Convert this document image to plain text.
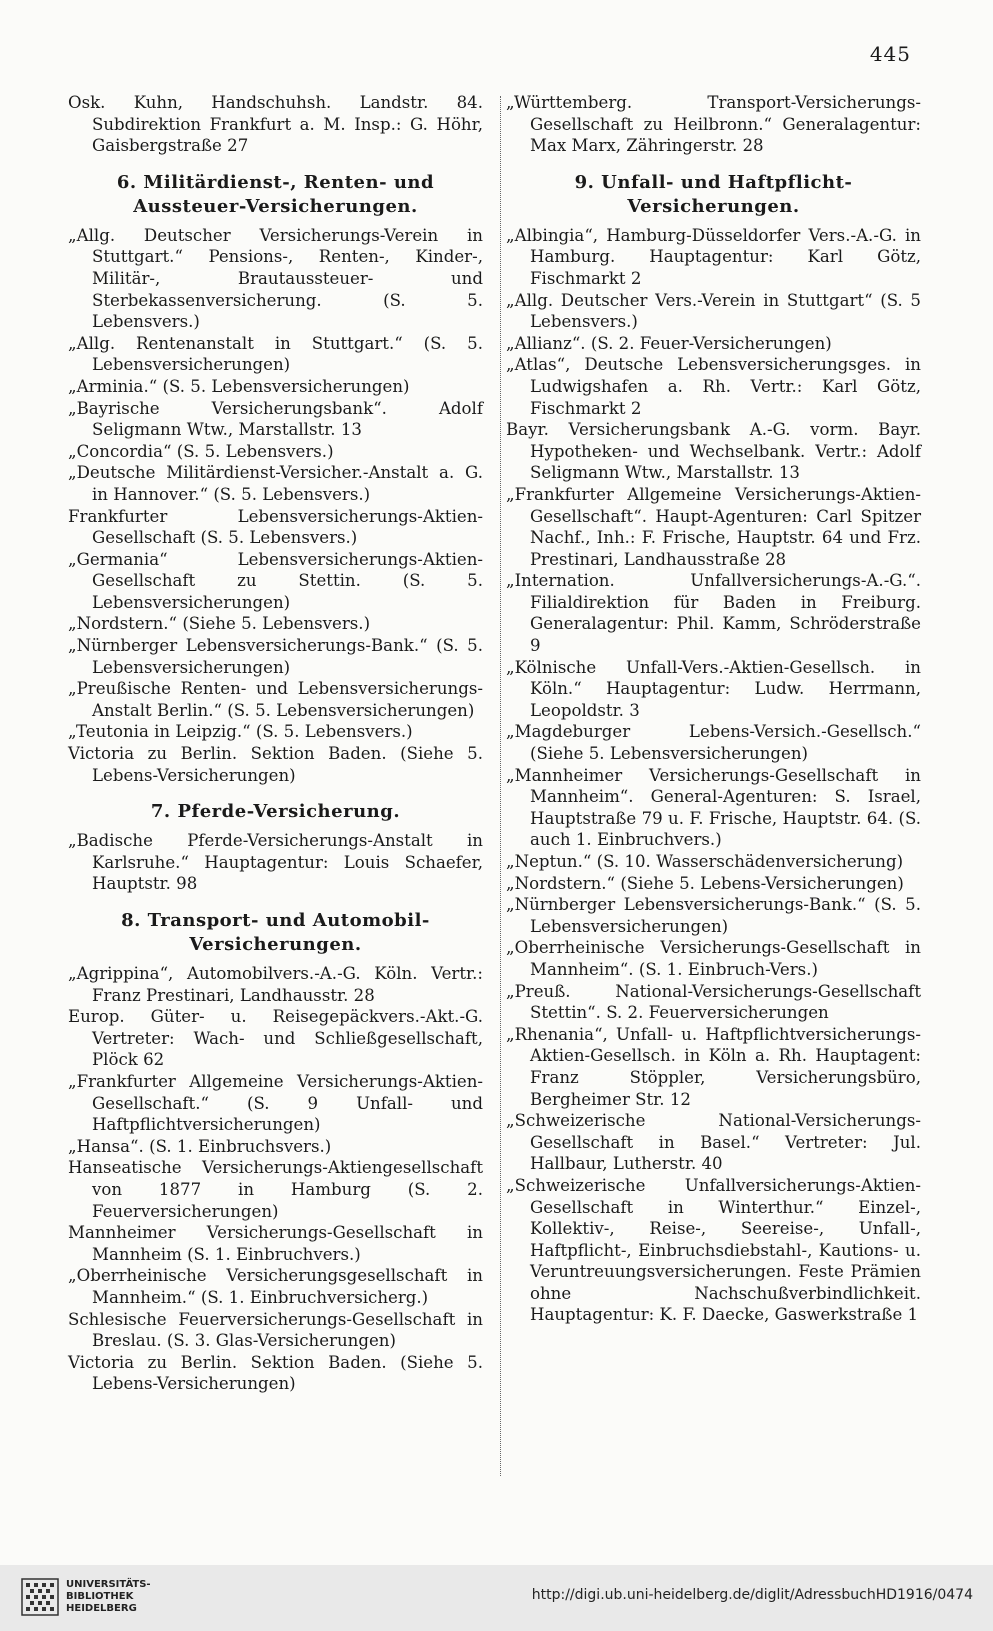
445
Osk. Kuhn, Handschuhsh. Landstr. 84. Subdirektion Frankfurt a. M. Insp.: G. Höhr, Gaisbergstraße 27
6. Militärdienst-, Renten- und Aussteuer-Versicherungen.
„Allg. Deutscher Versicherungs-Verein in Stuttgart.“ Pensions-, Renten-, Kinder-, Militär-, Brautaussteuer- und Sterbekassenversicherung. (S. 5. Lebensvers.)
„Allg. Rentenanstalt in Stuttgart.“ (S. 5. Lebensversicherungen)
„Arminia.“ (S. 5. Lebensversicherungen)
„Bayrische Versicherungsbank“. Adolf Seligmann Wtw., Marstallstr. 13
„Concordia“ (S. 5. Lebensvers.)
„Deutsche Militärdienst-Versicher.-Anstalt a. G. in Hannover.“ (S. 5. Lebensvers.)
Frankfurter Lebensversicherungs-Aktien-Gesellschaft (S. 5. Lebensvers.)
„Germania“ Lebensversicherungs-Aktien-Gesellschaft zu Stettin. (S. 5. Lebensversicherungen)
„Nordstern.“ (Siehe 5. Lebensvers.)
„Nürnberger Lebensversicherungs-Bank.“ (S. 5. Lebensversicherungen)
„Preußische Renten- und Lebensversicherungs-Anstalt Berlin.“ (S. 5. Lebensversicherungen)
„Teutonia in Leipzig.“ (S. 5. Lebensvers.)
Victoria zu Berlin. Sektion Baden. (Siehe 5. Lebens-Versicherungen)
7. Pferde-Versicherung.
„Badische Pferde-Versicherungs-Anstalt in Karlsruhe.“ Hauptagentur: Louis Schaefer, Hauptstr. 98
8. Transport- und Automobil-Versicherungen.
„Agrippina“, Automobilvers.-A.-G. Köln. Vertr.: Franz Prestinari, Landhausstr. 28
Europ. Güter- u. Reisegepäckvers.-Akt.-G. Vertreter: Wach- und Schließgesellschaft, Plöck 62
„Frankfurter Allgemeine Versicherungs-Aktien-Gesellschaft.“ (S. 9 Unfall- und Haftpflichtversicherungen)
„Hansa“. (S. 1. Einbruchsvers.)
Hanseatische Versicherungs-Aktiengesellschaft von 1877 in Hamburg (S. 2. Feuerversicherungen)
Mannheimer Versicherungs-Gesellschaft in Mannheim (S. 1. Einbruchvers.)
„Oberrheinische Versicherungsgesellschaft in Mannheim.“ (S. 1. Einbruchversicherg.)
Schlesische Feuerversicherungs-Gesellschaft in Breslau. (S. 3. Glas-Versicherungen)
Victoria zu Berlin. Sektion Baden. (Siehe 5. Lebens-Versicherungen)
„Württemberg. Transport-Versicherungs-Gesellschaft zu Heilbronn.“ Generalagentur: Max Marx, Zähringerstr. 28
9. Unfall- und Haftpflicht-Versicherungen.
„Albingia“, Hamburg-Düsseldorfer Vers.-A.-G. in Hamburg. Hauptagentur: Karl Götz, Fischmarkt 2
„Allg. Deutscher Vers.-Verein in Stuttgart“ (S. 5 Lebensvers.)
„Allianz“. (S. 2. Feuer-Versicherungen)
„Atlas“, Deutsche Lebensversicherungsges. in Ludwigshafen a. Rh. Vertr.: Karl Götz, Fischmarkt 2
Bayr. Versicherungsbank A.-G. vorm. Bayr. Hypotheken- und Wechselbank. Vertr.: Adolf Seligmann Wtw., Marstallstr. 13
„Frankfurter Allgemeine Versicherungs-Aktien-Gesellschaft“. Haupt-Agenturen: Carl Spitzer Nachf., Inh.: F. Frische, Hauptstr. 64 und Frz. Prestinari, Landhausstraße 28
„Internation. Unfallversicherungs-A.-G.“. Filialdirektion für Baden in Freiburg. Generalagentur: Phil. Kamm, Schröderstraße 9
„Kölnische Unfall-Vers.-Aktien-Gesellsch. in Köln.“ Hauptagentur: Ludw. Herrmann, Leopoldstr. 3
„Magdeburger Lebens-Versich.-Gesellsch.“ (Siehe 5. Lebensversicherungen)
„Mannheimer Versicherungs-Gesellschaft in Mannheim“. General-Agenturen: S. Israel, Hauptstraße 79 u. F. Frische, Hauptstr. 64. (S. auch 1. Einbruchvers.)
„Neptun.“ (S. 10. Wasserschädenversicherung)
„Nordstern.“ (Siehe 5. Lebens-Versicherungen)
„Nürnberger Lebensversicherungs-Bank.“ (S. 5. Lebensversicherungen)
„Oberrheinische Versicherungs-Gesellschaft in Mannheim“. (S. 1. Einbruch-Vers.)
„Preuß. National-Versicherungs-Gesellschaft Stettin“. S. 2. Feuerversicherungen
„Rhenania“, Unfall- u. Haftpflichtversicherungs-Aktien-Gesellsch. in Köln a. Rh. Hauptagent: Franz Stöppler, Versicherungsbüro, Bergheimer Str. 12
„Schweizerische National-Versicherungs-Gesellschaft in Basel.“ Vertreter: Jul. Hallbaur, Lutherstr. 40
„Schweizerische Unfallversicherungs-Aktien-Gesellschaft in Winterthur.“ Einzel-, Kollektiv-, Reise-, Seereise-, Unfall-, Haftpflicht-, Einbruchsdiebstahl-, Kautions- u. Veruntreuungsversicherungen. Feste Prämien ohne Nachschußverbindlichkeit. Hauptagentur: K. F. Daecke, Gaswerkstraße 1
UNIVERSITÄTS-
BIBLIOTHEK
HEIDELBERG
http://digi.ub.uni-heidelberg.de/diglit/AdressbuchHD1916/0474
